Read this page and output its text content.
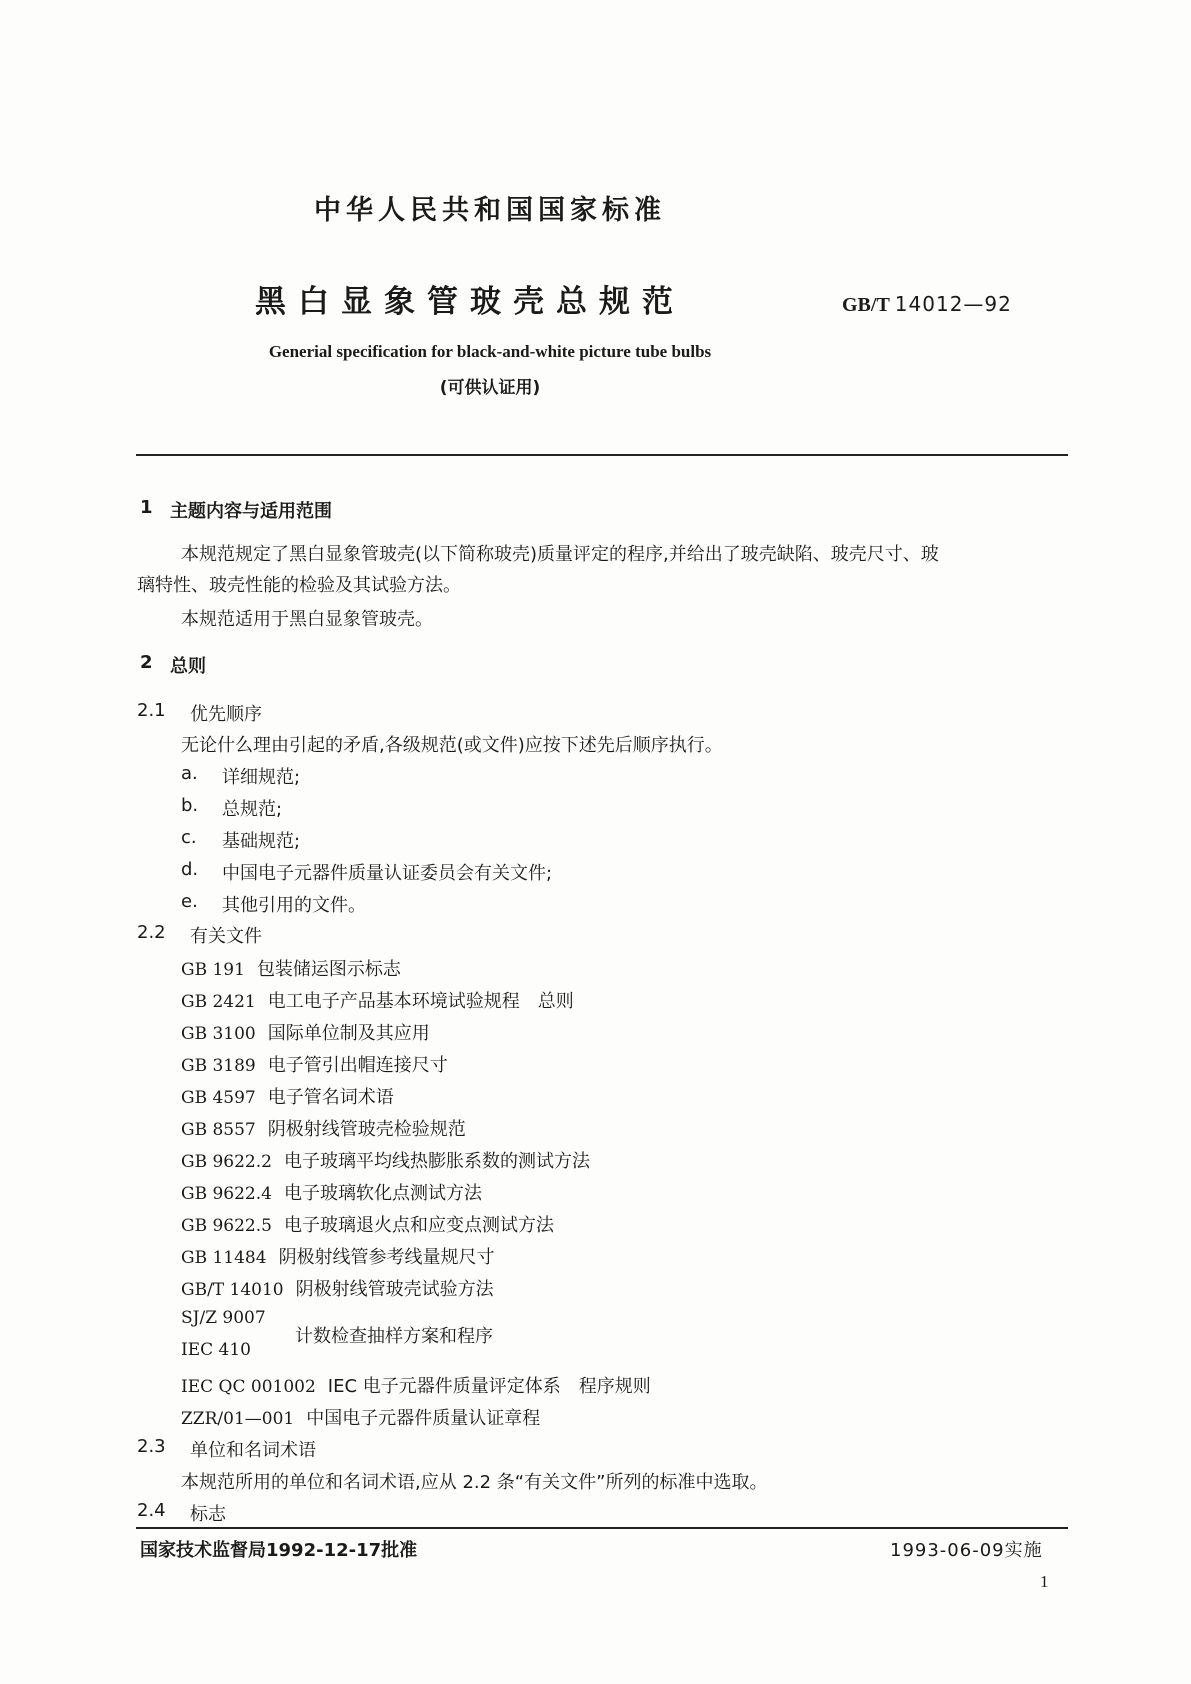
中华人民共和国国家标准
黑白显象管玻壳总规范	GB/T 14012—92
Generial specification for black-and-white picture tube bulbs
(可供认证用)
1 主题内容与适用范围
本规范规定了黑白显象管玻壳(以下简称玻壳)质量评定的程序,并给出了玻壳缺陷、玻壳尺寸、玻
璃特性、玻壳性能的检验及其试验方法。
本规范适用于黑白显象管玻壳。
2 总则
2.1 优先顺序
无论什么理由引起的矛盾,各级规范(或文件)应按下述先后顺序执行。
a. 详细规范;
b. 总规范;
c. 基础规范;
d. 中国电子元器件质量认证委员会有关文件;
e. 其他引用的文件。
2.2 有关文件
GB 191 包装储运图示标志
GB 2421 电工电子产品基本环境试验规程　总则
GB 3100 国际单位制及其应用
GB 3189 电子管引出帽连接尺寸
GB 4597 电子管名词术语
GB 8557 阴极射线管玻壳检验规范
GB 9622.2 电子玻璃平均线热膨胀系数的测试方法
GB 9622.4 电子玻璃软化点测试方法
GB 9622.5 电子玻璃退火点和应变点测试方法
GB 11484 阴极射线管参考线量规尺寸
GB/T 14010 阴极射线管玻壳试验方法
SJ/Z 9007
IEC 410
计数检查抽样方案和程序
IEC QC 001002 IEC 电子元器件质量评定体系　程序规则
ZZR/01—001 中国电子元器件质量认证章程
2.3 单位和名词术语
本规范所用的单位和名词术语,应从 2.2 条“有关文件”所列的标准中选取。
2.4 标志
国家技术监督局1992-12-17批准	1993-06-09实施
1
